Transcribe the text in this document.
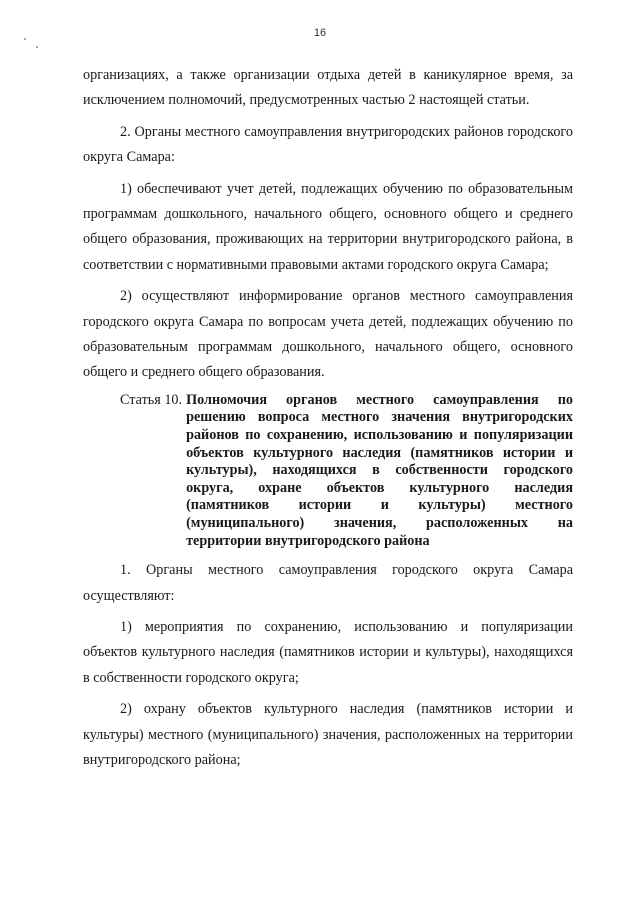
16

организациях, а также организации отдыха детей в каникулярное время, за исключением полномочий, предусмотренных частью 2 настоящей статьи.

2. Органы местного самоуправления внутригородских районов городского округа Самара:

1) обеспечивают учет детей, подлежащих обучению по образовательным программам дошкольного, начального общего, основного общего и среднего общего образования, проживающих на территории внутригородского района, в соответствии с нормативными правовыми актами городского округа Самара;

2) осуществляют информирование органов местного самоуправления городского округа Самара по вопросам учета детей, подлежащих обучению по образовательным программам дошкольного, начального общего, основного общего и среднего общего образования.

Статья 10. Полномочия органов местного самоуправления по решению вопроса местного значения внутригородских районов по сохранению, использованию и популяризации объектов культурного наследия (памятников истории и культуры), находящихся в собственности городского округа, охране объектов культурного наследия (памятников истории и культуры) местного (муниципального) значения, расположенных на территории внутригородского района

1. Органы местного самоуправления городского округа Самара осуществляют:

1) мероприятия по сохранению, использованию и популяризации объектов культурного наследия (памятников истории и культуры), находящихся в собственности городского округа;

2) охрану объектов культурного наследия (памятников истории и культуры) местного (муниципального) значения, расположенных на территории внутригородского района;
